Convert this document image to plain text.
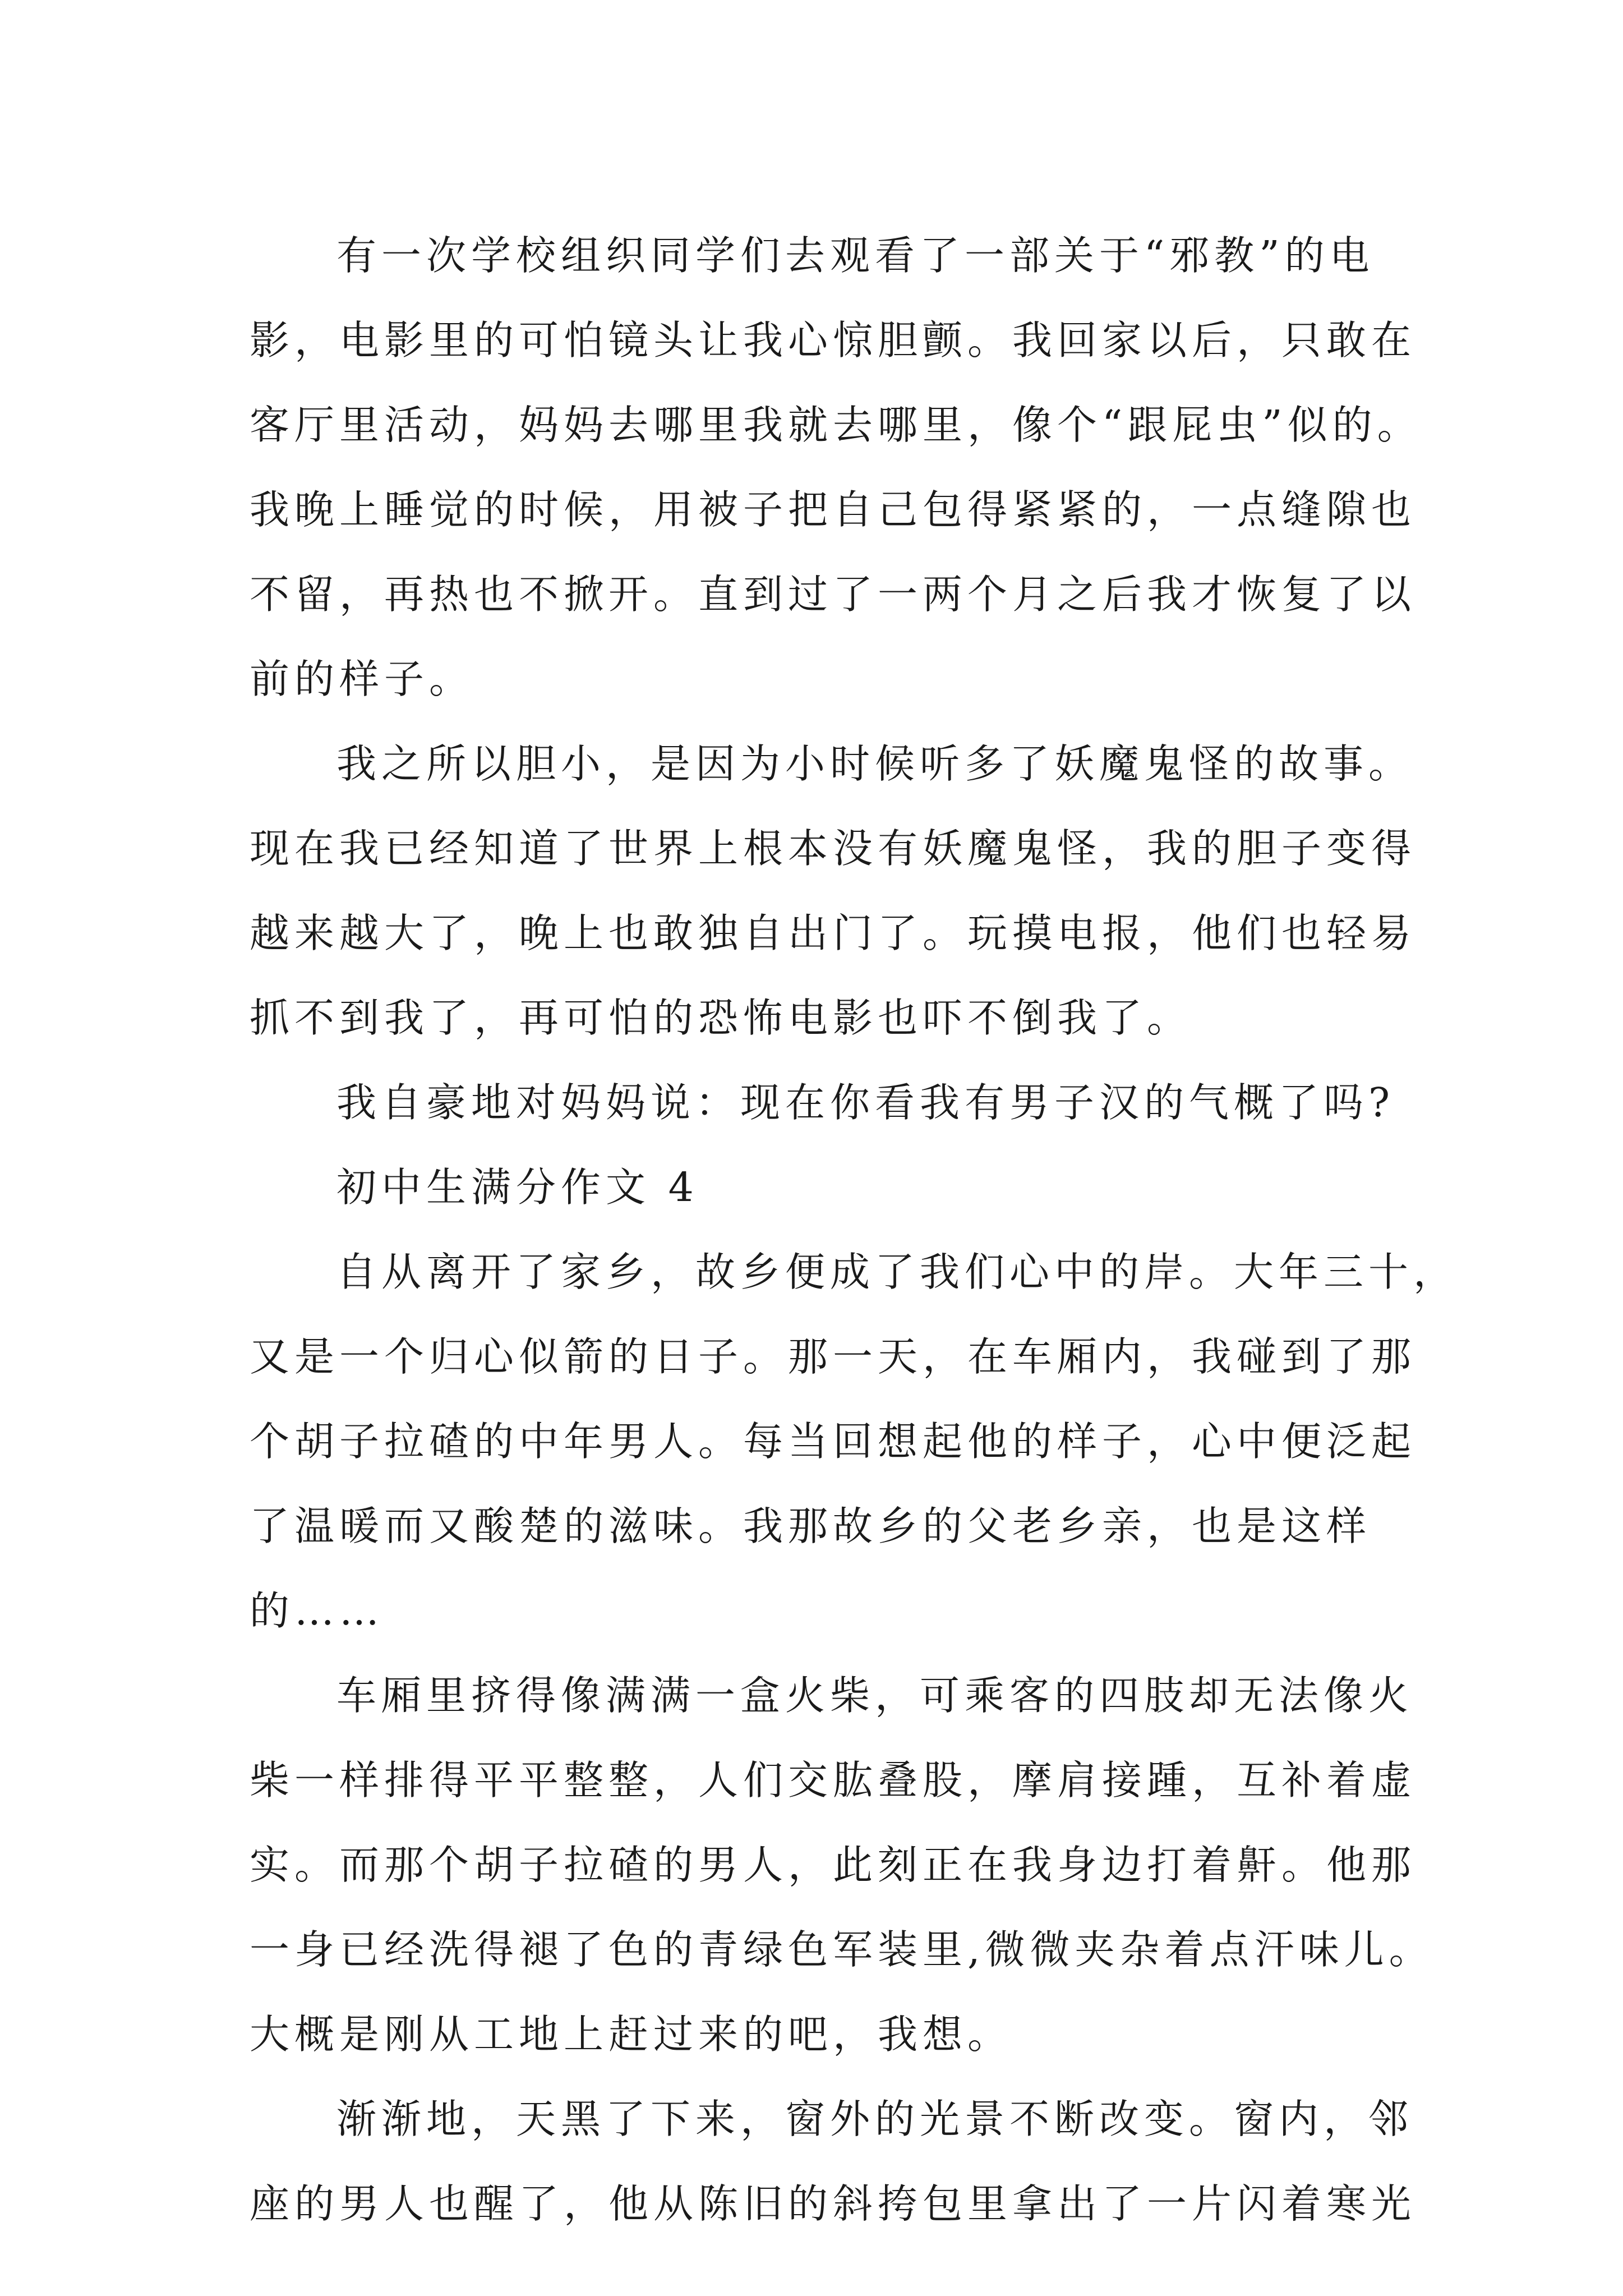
有一次学校组织同学们去观看了一部关于“邪教”的电
影，电影里的可怕镜头让我心惊胆颤。我回家以后，只敢在
客厅里活动，妈妈去哪里我就去哪里，像个“跟屁虫”似的。
我晚上睡觉的时候，用被子把自己包得紧紧的，一点缝隙也
不留，再热也不掀开。直到过了一两个月之后我才恢复了以
前的样子。
我之所以胆小，是因为小时候听多了妖魔鬼怪的故事。
现在我已经知道了世界上根本没有妖魔鬼怪，我的胆子变得
越来越大了，晚上也敢独自出门了。玩摸电报，他们也轻易
抓不到我了，再可怕的恐怖电影也吓不倒我了。
我自豪地对妈妈说：现在你看我有男子汉的气概了吗?
初中生满分作文 4
自从离开了家乡，故乡便成了我们心中的岸。大年三十，
又是一个归心似箭的日子。那一天，在车厢内，我碰到了那
个胡子拉碴的中年男人。每当回想起他的样子，心中便泛起
了温暖而又酸楚的滋味。我那故乡的父老乡亲，也是这样
的……
车厢里挤得像满满一盒火柴，可乘客的四肢却无法像火
柴一样排得平平整整，人们交肱叠股，摩肩接踵，互补着虚
实。而那个胡子拉碴的男人，此刻正在我身边打着鼾。他那
一身已经洗得褪了色的青绿色军装里,微微夹杂着点汗味儿。
大概是刚从工地上赶过来的吧，我想。
渐渐地，天黑了下来，窗外的光景不断改变。窗内，邻
座的男人也醒了，他从陈旧的斜挎包里拿出了一片闪着寒光
